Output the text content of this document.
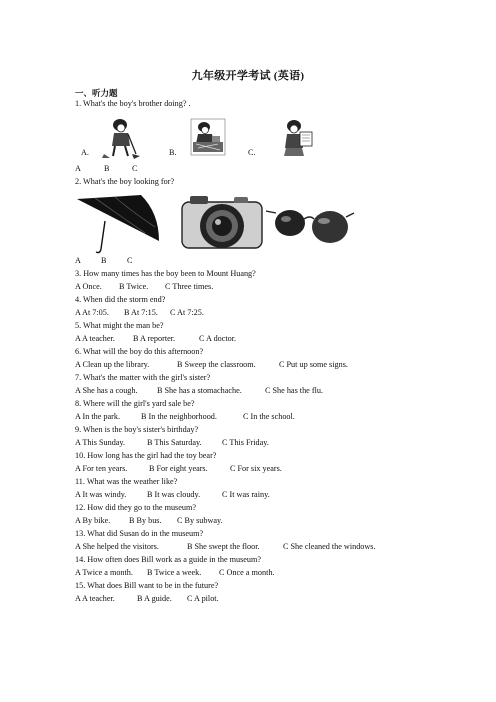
九年级开学考试 (英语)
一、听力题
1. What's the boy's brother doing? .
A.	B.	C.
A	B	C
2. What's the boy looking for?
A B	C
3. How many times has the boy been to Mount Huang?
A Once. B Twice. C Three times.
4. When did the storm end?
A At 7:05. B At 7:15. C At 7:25.
5. What might the man be?
A A teacher. B A reporter.	C A doctor.
6. What will the boy do this afternoon?
A Clean up the library.	B Sweep the classroom.	C Put up some signs.
7. What's the matter with the girl's sister?
A She has a cough. B She has a stomachache.	C She has the flu.
8. Where will the girl's yard sale be?
A In the park.	B In the neighborhood.	C In the school.
9. When is the boy's sister's birthday?
A This Sunday.	B This Saturday. C This Friday.
10. How long has the girl had the toy bear?
A For ten years.	B For eight years.	C For six years.
11. What was the weather like?
A It was windy.	B It was cloudy.	C It was rainy.
12. How did they go to the museum?
A By bike. B By bus. C By subway.
13. What did Susan do in the museum?
A She helped the visitors.	B She swept the floor.	C She cleaned the windows.
14. How often does Bill work as a guide in the museum?
A Twice a month. B Twice a week. C Once a month.
15. What does Bill want to be in the future?
A A teacher.	B A guide. C A pilot.
